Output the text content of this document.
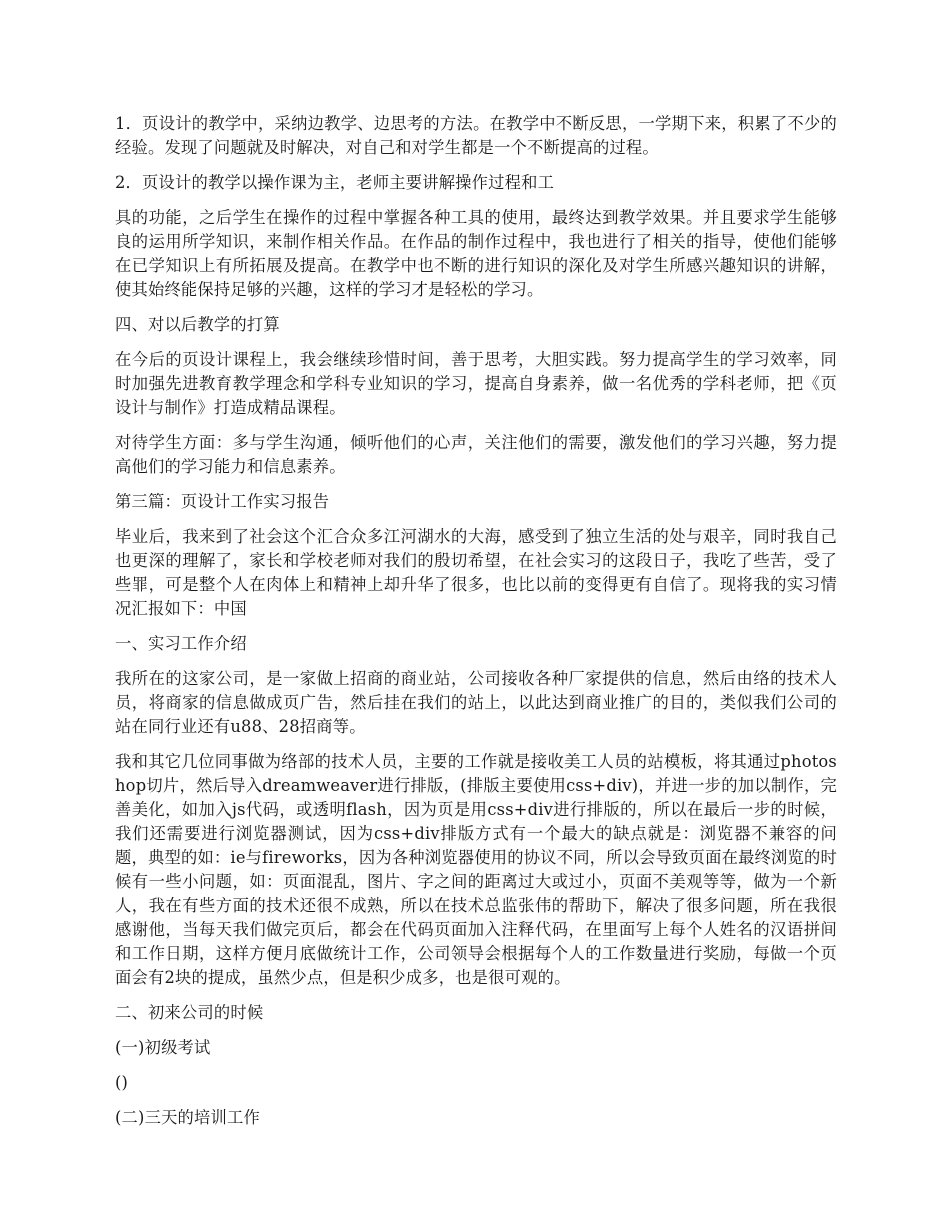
1．页设计的教学中，采纳边教学、边思考的方法。在教学中不断反思，一学期下来，积累了不少的经验。发现了问题就及时解决，对自己和对学生都是一个不断提高的过程。

2．页设计的教学以操作课为主，老师主要讲解操作过程和工

具的功能，之后学生在操作的过程中掌握各种工具的使用，最终达到教学效果。并且要求学生能够良的运用所学知识，来制作相关作品。在作品的制作过程中，我也进行了相关的指导，使他们能够在已学知识上有所拓展及提高。在教学中也不断的进行知识的深化及对学生所感兴趣知识的讲解，使其始终能保持足够的兴趣，这样的学习才是轻松的学习。

四、对以后教学的打算

在今后的页设计课程上，我会继续珍惜时间，善于思考，大胆实践。努力提高学生的学习效率，同时加强先进教育教学理念和学科专业知识的学习，提高自身素养，做一名优秀的学科老师，把《页设计与制作》打造成精品课程。

对待学生方面：多与学生沟通，倾听他们的心声，关注他们的需要，激发他们的学习兴趣，努力提高他们的学习能力和信息素养。

第三篇：页设计工作实习报告

毕业后，我来到了社会这个汇合众多江河湖水的大海，感受到了独立生活的处与艰辛，同时我自己也更深的理解了，家长和学校老师对我们的殷切希望，在社会实习的这段日子，我吃了些苦，受了些罪，可是整个人在肉体上和精神上却升华了很多，也比以前的变得更有自信了。现将我的实习情况汇报如下：中国

一、实习工作介绍

我所在的这家公司，是一家做上招商的商业站，公司接收各种厂家提供的信息，然后由络的技术人员，将商家的信息做成页广告，然后挂在我们的站上，以此达到商业推广的目的，类似我们公司的站在同行业还有u88、28招商等。

我和其它几位同事做为络部的技术人员，主要的工作就是接收美工人员的站模板，将其通过photoshop切片，然后导入dreamweaver进行排版，(排版主要使用css+div)，并进一步的加以制作，完善美化，如加入js代码，或透明flash，因为页是用css+div进行排版的，所以在最后一步的时候，我们还需要进行浏览器测试，因为css+div排版方式有一个最大的缺点就是：浏览器不兼容的问题，典型的如：ie与fireworks，因为各种浏览器使用的协议不同，所以会导致页面在最终浏览的时候有一些小问题，如：页面混乱，图片、字之间的距离过大或过小，页面不美观等等，做为一个新人，我在有些方面的技术还很不成熟，所以在技术总监张伟的帮助下，解决了很多问题，所在我很感谢他，当每天我们做完页后，都会在代码页面加入注释代码，在里面写上每个人姓名的汉语拼间和工作日期，这样方便月底做统计工作，公司领导会根据每个人的工作数量进行奖励，每做一个页面会有2块的提成，虽然少点，但是积少成多，也是很可观的。

二、初来公司的时候

(一)初级考试

()

(二)三天的培训工作
